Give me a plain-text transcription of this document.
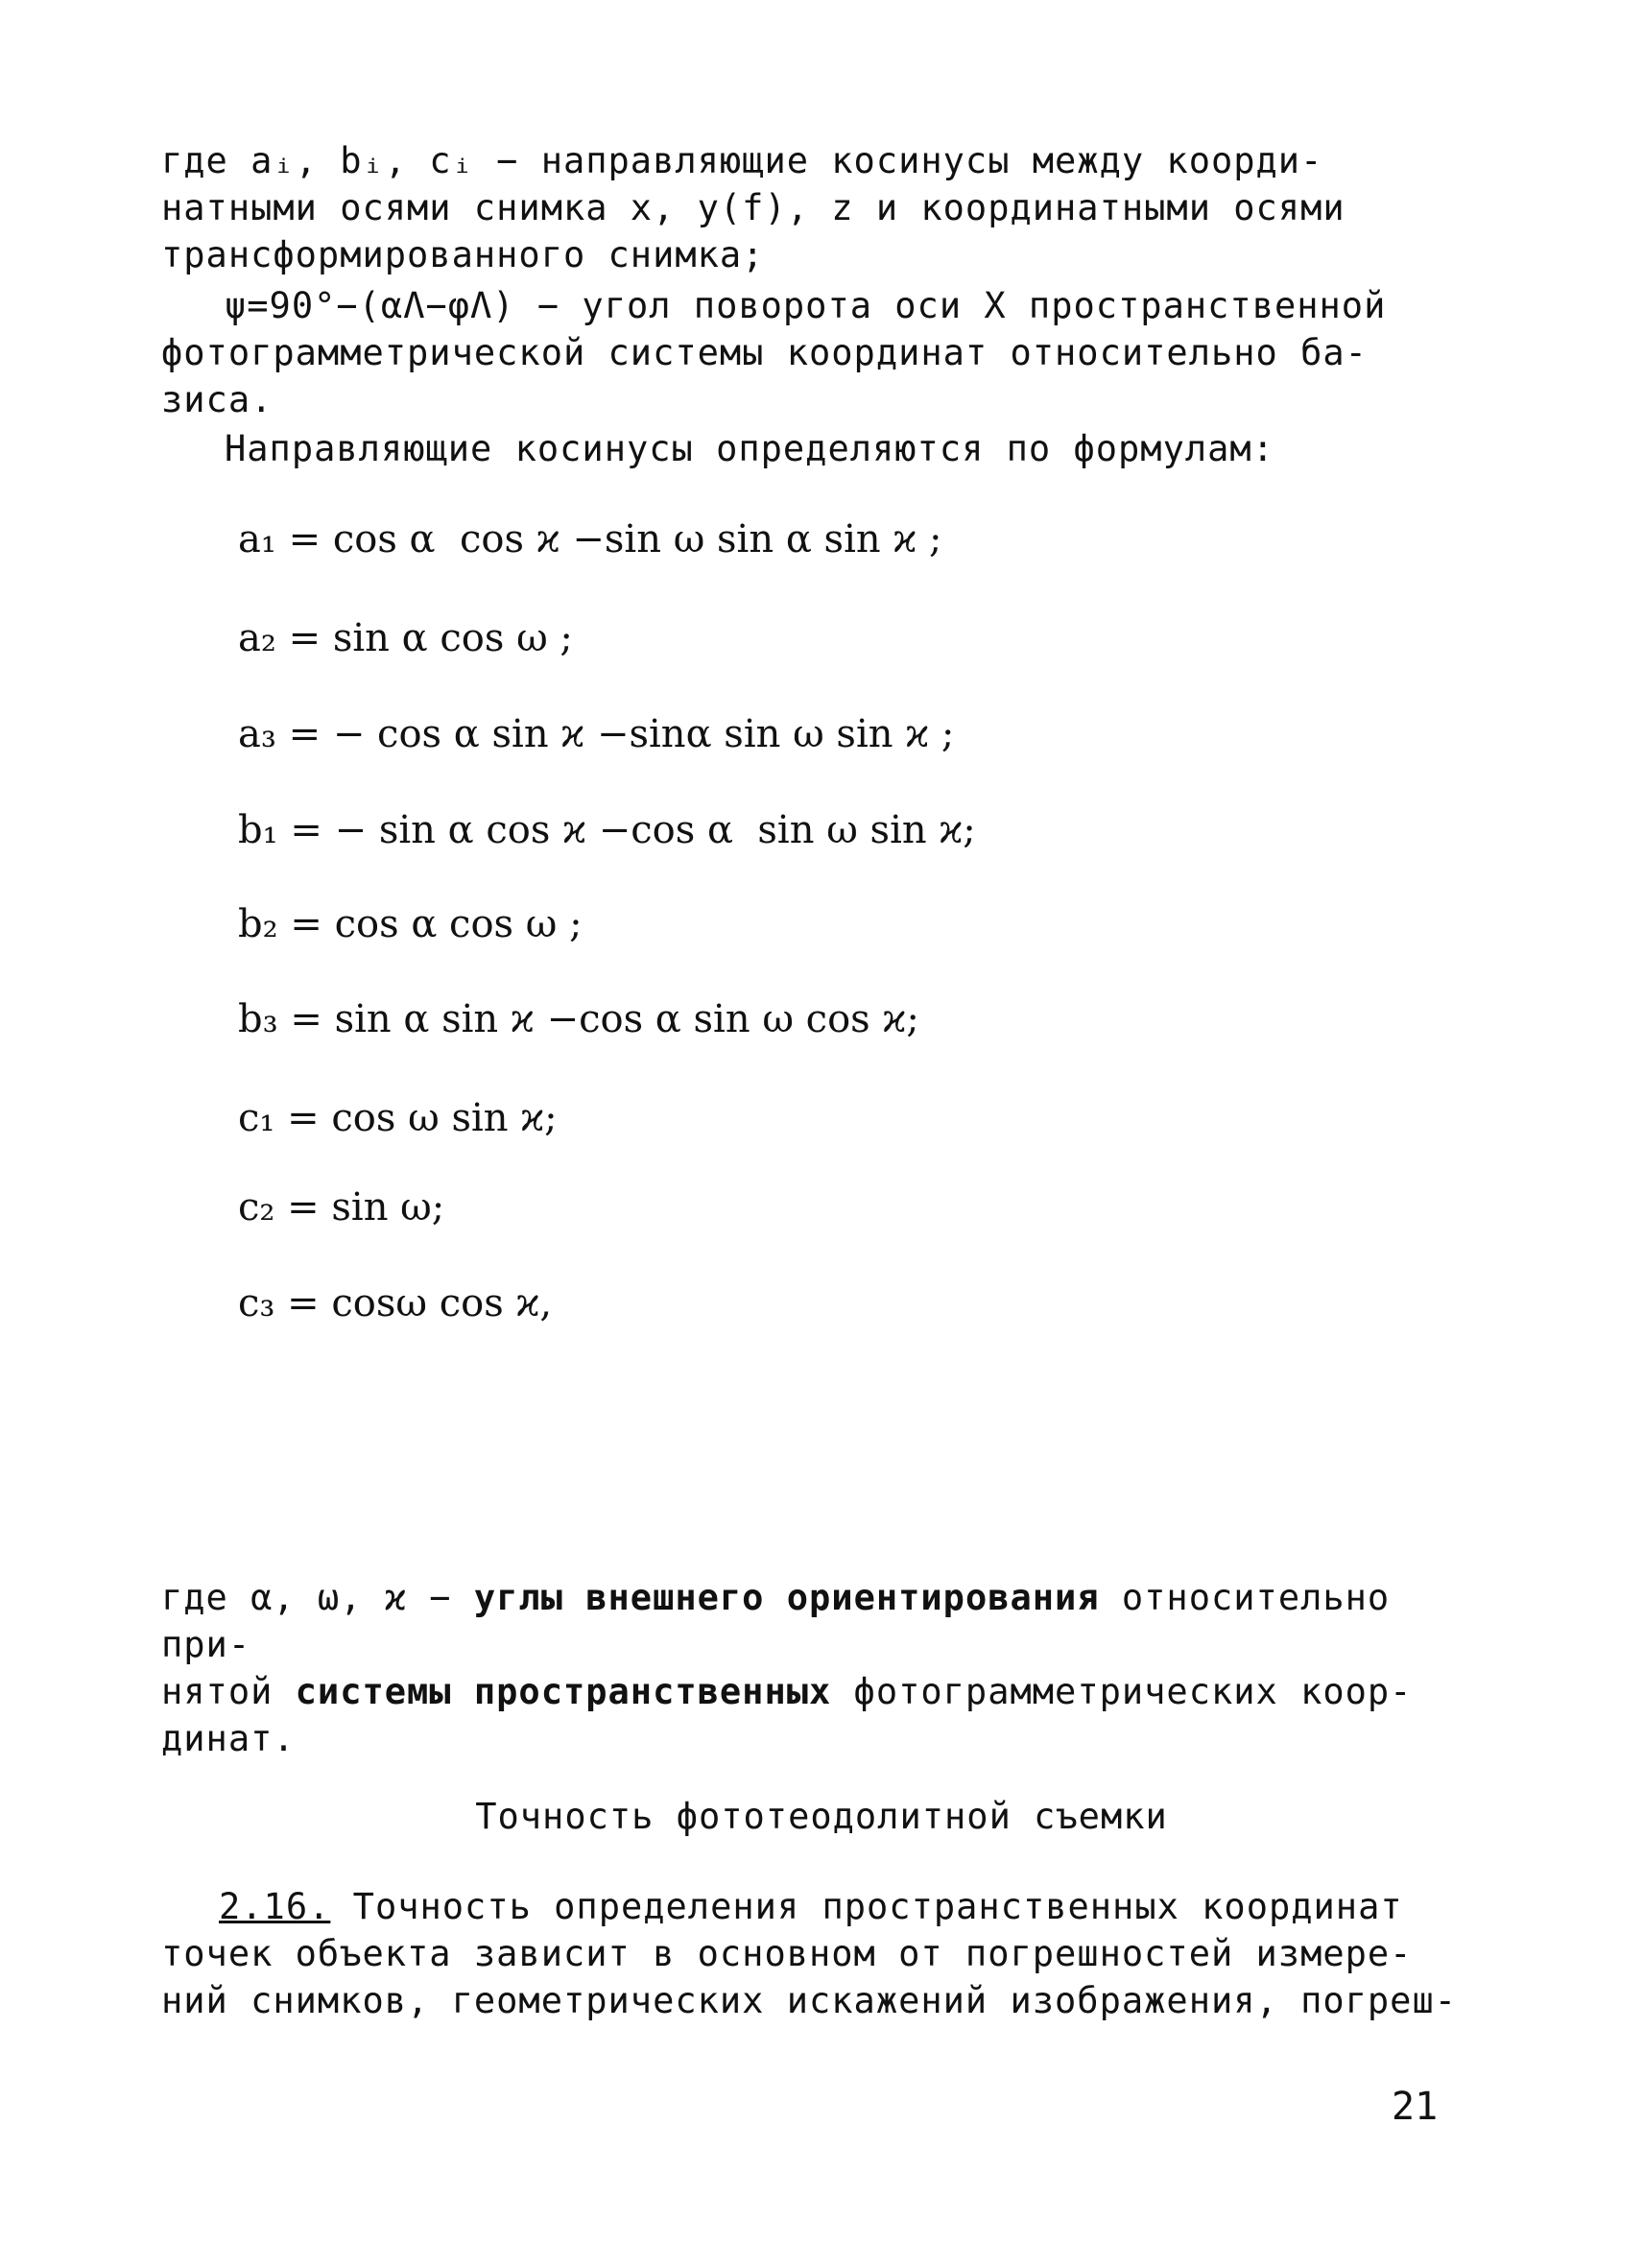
где aᵢ, bᵢ, cᵢ − направляющие косинусы между коорди-
натными осями снимка x, y(f), z и координатными осями
трансформированного снимка;

ψ=90°−(αΛ−φΛ) − угол поворота оси X пространственной
фотограмметрической системы координат относительно ба-
зиса.

Направляющие косинусы определяются по формулам:

a₁ = cos α  cos ϰ −sin ω sin α sin ϰ ;
a₂ = sin α cos ω ;
a₃ = − cos α sin ϰ −sinα sin ω sin ϰ ;
b₁ = − sin α cos ϰ −cos α  sin ω sin ϰ;
b₂ = cos α cos ω ;
b₃ = sin α sin ϰ −cos α sin ω cos ϰ;
c₁ = cos ω sin ϰ;
c₂ = sin ω;
c₃ = cosω cos ϰ,

где α, ω, ϰ − углы внешнего ориентирования относительно при-
нятой системы пространственных фотограмметрических коор-
динат.

Точность фототеодолитной съемки

2.16. Точность определения пространственных координат
точек объекта зависит в основном от погрешностей измере-
ний снимков, геометрических искажений изображения, погреш-

21
